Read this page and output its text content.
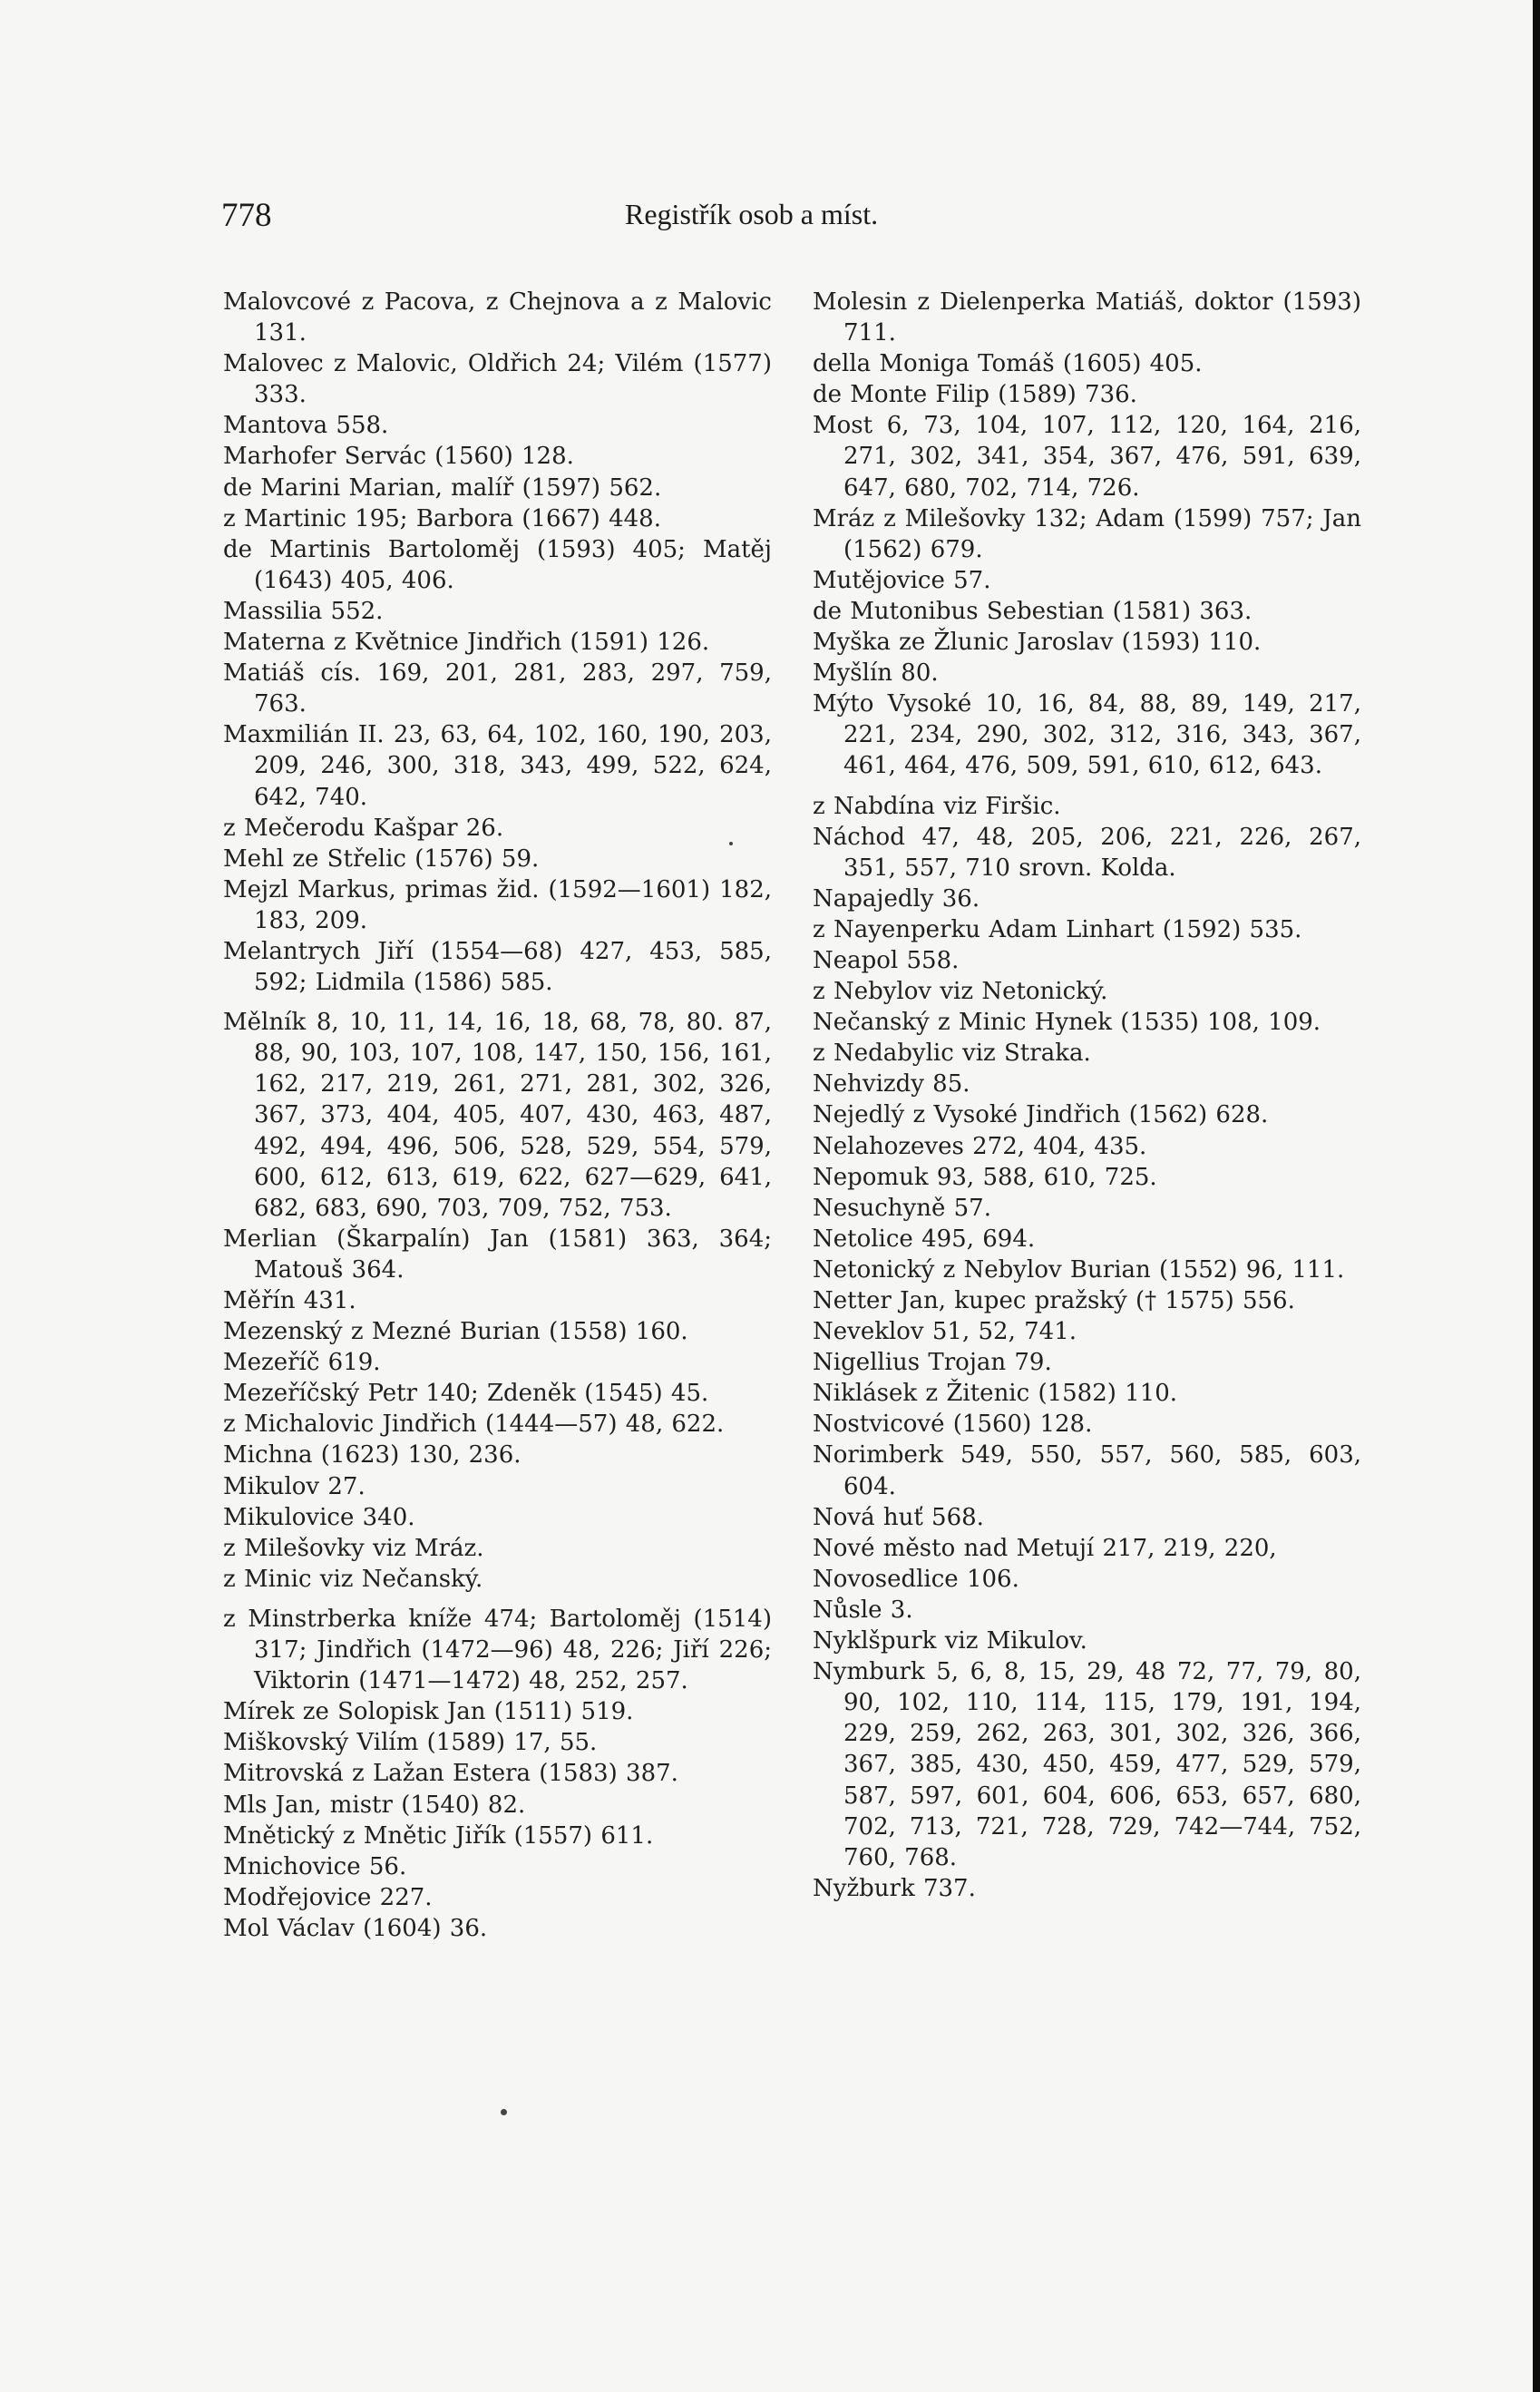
778	Registřík osob a míst.
Malovcové z Pacova, z Chejnova a z Malovic 131.
Malovec z Malovic, Oldřich 24; Vilém (1577) 333.
Mantova 558.
Marhofer Servác (1560) 128.
de Marini Marian, malíř (1597) 562.
z Martinic 195; Barbora (1667) 448.
de Martinis Bartoloměj (1593) 405; Matěj (1643) 405, 406.
Massilia 552.
Materna z Květnice Jindřich (1591) 126.
Matiáš cís. 169, 201, 281, 283, 297, 759, 763.
Maxmilián II. 23, 63, 64, 102, 160, 190, 203, 209, 246, 300, 318, 343, 499, 522, 624, 642, 740.
z Mečerodu Kašpar 26.
Mehl ze Střelic (1576) 59.
Mejzl Markus, primas žid. (1592—1601) 182, 183, 209.
Melantrych Jiří (1554—68) 427, 453, 585, 592; Lidmila (1586) 585.
Mělník 8, 10, 11, 14, 16, 18, 68, 78, 80. 87, 88, 90, 103, 107, 108, 147, 150, 156, 161, 162, 217, 219, 261, 271, 281, 302, 326, 367, 373, 404, 405, 407, 430, 463, 487, 492, 494, 496, 506, 528, 529, 554, 579, 600, 612, 613, 619, 622, 627—629, 641, 682, 683, 690, 703, 709, 752, 753.
Merlian (Škarpalín) Jan (1581) 363, 364; Matouš 364.
Měřín 431.
Mezenský z Mezné Burian (1558) 160.
Mezeříč 619.
Mezeříčský Petr 140; Zdeněk (1545) 45.
z Michalovic Jindřich (1444—57) 48, 622.
Michna (1623) 130, 236.
Mikulov 27.
Mikulovice 340.
z Milešovky viz Mráz.
z Minic viz Nečanský.
z Minstrberka kníže 474; Bartoloměj (1514) 317; Jindřich (1472—96) 48, 226; Jiří 226; Viktorin (1471—1472) 48, 252, 257.
Mírek ze Solopisk Jan (1511) 519.
Miškovský Vilím (1589) 17, 55.
Mitrovská z Lažan Estera (1583) 387.
Mls Jan, mistr (1540) 82.
Mnětický z Mnětic Jiřík (1557) 611.
Mnichovice 56.
Modřejovice 227.
Mol Václav (1604) 36.
Molesin z Dielenperka Matiáš, doktor (1593) 711.
della Moniga Tomáš (1605) 405.
de Monte Filip (1589) 736.
Most 6, 73, 104, 107, 112, 120, 164, 216, 271, 302, 341, 354, 367, 476, 591, 639, 647, 680, 702, 714, 726.
Mráz z Milešovky 132; Adam (1599) 757; Jan (1562) 679.
Mutějovice 57.
de Mutonibus Sebestian (1581) 363.
Myška ze Žlunic Jaroslav (1593) 110.
Myšlín 80.
Mýto Vysoké 10, 16, 84, 88, 89, 149, 217, 221, 234, 290, 302, 312, 316, 343, 367, 461, 464, 476, 509, 591, 610, 612, 643.
z Nabdína viz Firšic.
Náchod 47, 48, 205, 206, 221, 226, 267, 351, 557, 710 srovn. Kolda.
Napajedly 36.
z Nayenperku Adam Linhart (1592) 535.
Neapol 558.
z Nebylov viz Netonický.
Nečanský z Minic Hynek (1535) 108, 109.
z Nedabylic viz Straka.
Nehvizdy 85.
Nejedlý z Vysoké Jindřich (1562) 628.
Nelahozeves 272, 404, 435.
Nepomuk 93, 588, 610, 725.
Nesuchyně 57.
Netolice 495, 694.
Netonický z Nebylov Burian (1552) 96, 111.
Netter Jan, kupec pražský († 1575) 556.
Neveklov 51, 52, 741.
Nigellius Trojan 79.
Niklásek z Žitenic (1582) 110.
Nostvicové (1560) 128.
Norimberk 549, 550, 557, 560, 585, 603, 604.
Nová huť 568.
Nové město nad Metují 217, 219, 220,
Novosedlice 106.
Nůsle 3.
Nyklšpurk viz Mikulov.
Nymburk 5, 6, 8, 15, 29, 48 72, 77, 79, 80, 90, 102, 110, 114, 115, 179, 191, 194, 229, 259, 262, 263, 301, 302, 326, 366, 367, 385, 430, 450, 459, 477, 529, 579, 587, 597, 601, 604, 606, 653, 657, 680, 702, 713, 721, 728, 729, 742—744, 752, 760, 768.
Nyžburk 737.
